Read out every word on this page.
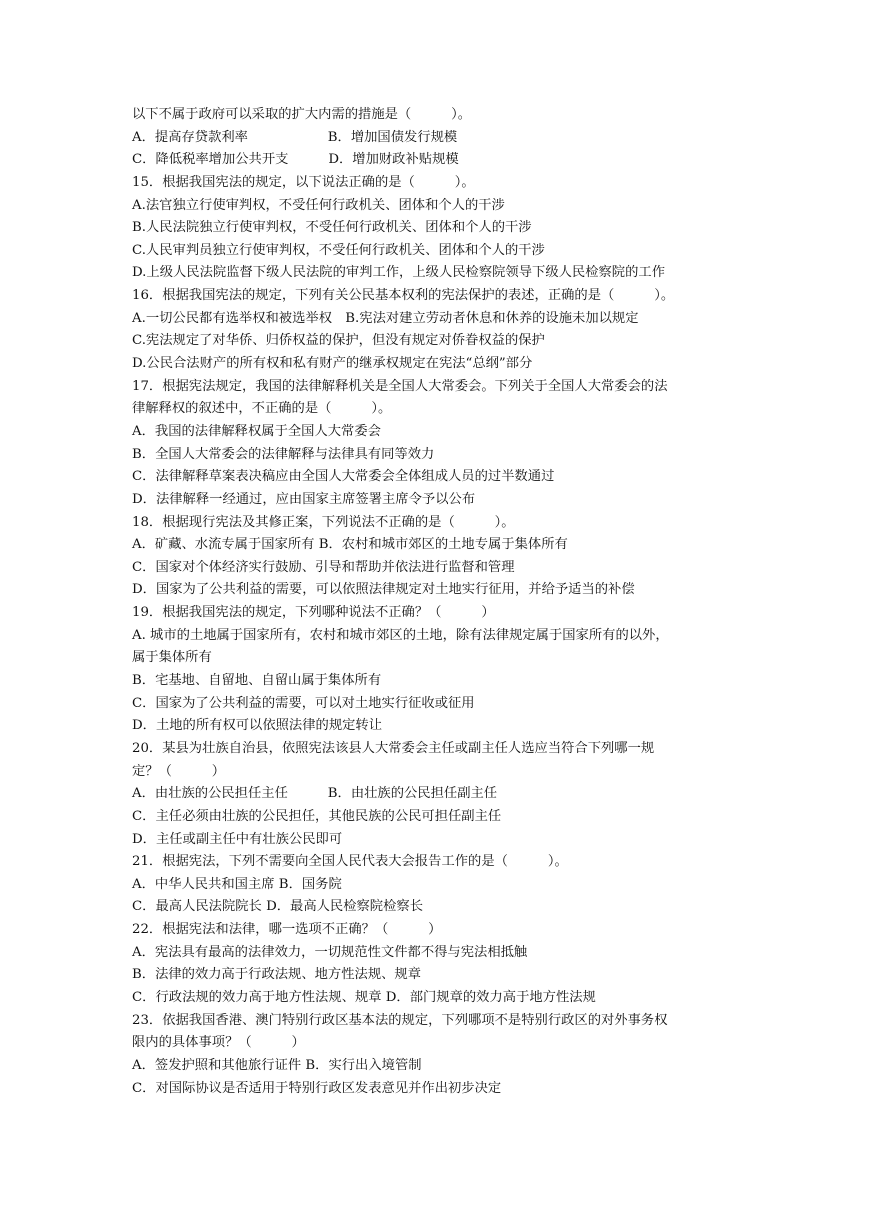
以下不属于政府可以采取的扩大内需的措施是（　　　）。
A．提高存贷款利率　　　　　　B．增加国债发行规模
C．降低税率增加公共开支　　　D．增加财政补贴规模
15．根据我国宪法的规定，以下说法正确的是（　　　）。
A.法官独立行使审判权，不受任何行政机关、团体和个人的干涉
B.人民法院独立行使审判权，不受任何行政机关、团体和个人的干涉
C.人民审判员独立行使审判权，不受任何行政机关、团体和个人的干涉
D.上级人民法院监督下级人民法院的审判工作，上级人民检察院领导下级人民检察院的工作
16．根据我国宪法的规定，下列有关公民基本权利的宪法保护的表述，正确的是（　　　）。
A.一切公民都有选举权和被选举权　B.宪法对建立劳动者休息和休养的设施未加以规定
C.宪法规定了对华侨、归侨权益的保护，但没有规定对侨眷权益的保护
D.公民合法财产的所有权和私有财产的继承权规定在宪法“总纲”部分
17．根据宪法规定，我国的法律解释机关是全国人大常委会。下列关于全国人大常委会的法
律解释权的叙述中，不正确的是（　　　）。
A．我国的法律解释权属于全国人大常委会
B．全国人大常委会的法律解释与法律具有同等效力
C．法律解释草案表决稿应由全国人大常委会全体组成人员的过半数通过
D．法律解释一经通过，应由国家主席签署主席令予以公布
18．根据现行宪法及其修正案，下列说法不正确的是（　　　）。
A．矿藏、水流专属于国家所有 B．农村和城市郊区的土地专属于集体所有
C．国家对个体经济实行鼓励、引导和帮助并依法进行监督和管理
D．国家为了公共利益的需要，可以依照法律规定对土地实行征用，并给予适当的补偿
19．根据我国宪法的规定，下列哪种说法不正确？（　　　）
A. 城市的土地属于国家所有，农村和城市郊区的土地，除有法律规定属于国家所有的以外，
属于集体所有
B．宅基地、自留地、自留山属于集体所有
C．国家为了公共利益的需要，可以对土地实行征收或征用
D．土地的所有权可以依照法律的规定转让
20．某县为壮族自治县，依照宪法该县人大常委会主任或副主任人选应当符合下列哪一规
定？（　　　）
A．由壮族的公民担任主任　　　B．由壮族的公民担任副主任
C．主任必须由壮族的公民担任，其他民族的公民可担任副主任
D．主任或副主任中有壮族公民即可
21．根据宪法，下列不需要向全国人民代表大会报告工作的是（　　　）。
A．中华人民共和国主席 B．国务院
C．最高人民法院院长 D．最高人民检察院检察长
22．根据宪法和法律，哪一选项不正确？（　　　）
A．宪法具有最高的法律效力，一切规范性文件都不得与宪法相抵触
B．法律的效力高于行政法规、地方性法规、规章
C．行政法规的效力高于地方性法规、规章 D．部门规章的效力高于地方性法规
23．依据我国香港、澳门特别行政区基本法的规定，下列哪项不是特别行政区的对外事务权
限内的具体事项？（　　　）
A．签发护照和其他旅行证件 B．实行出入境管制
C．对国际协议是否适用于特别行政区发表意见并作出初步决定
